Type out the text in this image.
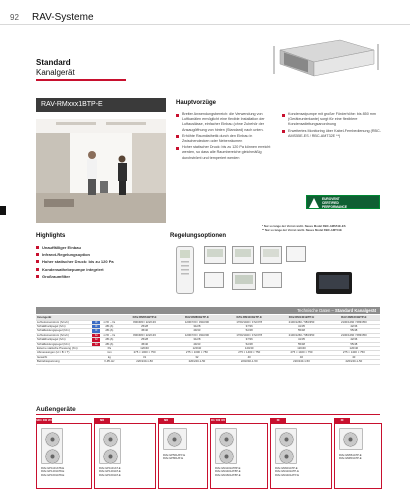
92 RAV-Systeme
Standard
Kanalgerät
RAV-RMxxx1BTP-E	Hauptvorzüge
Breiter Anwendungsbereich: die Verwendung von Luftkanälen ermöglicht eine flexible Installation der Luftauslässe, einfacher Einbau (ohne Zubehör der Ansaugöffnung von hinten (Standard) nach unten.
Erhöhte Raumästhetik durch den Einbau in Zwischendecken oder Nebenräumen
Hoher statischer Druck: bis zu 120 Pa können erreicht werden, so dass alle Raumbereiche gleichmäßig durchströmt und temperiert werden
Kondensatpumpe mit großer Förderhöhe: bis 850 mm (Geräteunterkante) sorgt für eine flexiblere Kondensatleitungsanordnung
Erweitertes Monitoring über Kabel-Fernbedienung (RBC-AMS55E-ES / RBC-AMT32E **)
EUROVENT
CERTIFIED
PERFORMANCE
* Nur so lange der Vorrat reicht. Neues Model RBC-AMS51E-ES
** Nur so lange der Vorrat reicht. Neues Model RBC-AMT41E
Highlights
Unauffälliger Einbau
Infrarot-Regelungsoption
Hoher statischer Druck: bis zu 120 Pa
Kondensathebepumpe integriert
Großraumfilter
Regelungsoptionen
Technische Daten – Standard Kanalgerät
Innengerät			RAV-RM561BTP-E	RAV-RM801BTP-E	RAV-RM1101BTP-E	RAV-RM1401BTP-E	RAV-RM1601BTP-E
Luftvolumenstrom (h/m/n)	C	m³/h – l/s	800/480 / 222/133	1200/720 / 333/200	1700/1020 / 472/278	2100/1260 / 583/350	2100/1260 / 583/350
Schalldruckpegel (h/m)	C	dB (A)	25/28	34/28	37/36	41/35	42/36
Schallleistungspegel (h/m)	C	dB (A)	45/40	49/43	52/48	55/48	55/48
Luftvolumenstrom (h/m/n)	H	m³/h – l/s	800/480 / 222/133	1200/720 / 333/200	1700/1020 / 472/278	2100/1260 / 583/350	2100/1260 / 583/350
Schalldruckpegel (h/m)	H	dB (A)	25/28	34/28	37/36	41/35	42/36
Schallleistungspegel (h/m)	H	dB (A)	45/40	49/43	52/48	55/48	55/48
Externe statische Pressung (h/n)		Pa	120/40	120/40	120/40	120/40	120/40
Abmessungen (H × B × T)		mm	275 × 1000 × 750	275 × 1000 × 750	275 × 1400 × 750	275 × 1400 × 750	275 × 1400 × 750
Gewicht		kg	31	32	40	40	40
Betriebsspannung		V-Ph-Hz	220/240-1-50	220/240-1-50	220/240-1-50	220/240-1-50	220/240-1-50
Außengeräte
SDI / 400 V/3
RAV-GP1101AT8-E
RAV-GP1401AT8-E
RAV-GP1601AT8-E
SDI
RAV-GP1101AT-E
RAV-GP1401AT-E
RAV-GP1601AT-E
SDI
RAV-GP561ATP-E
RAV-GP801AT-E
DI / 400 V/3
RAV-GM1101AT8P-E
RAV-GM1401AT8P-E
RAV-GM1601AT8P-E
DI
RAV-GM901ATP-E
RAV-GM1101ATP-E
RAV-GM1401ATP-E
DI
RAV-GM561ATP-E
RAV-GM801ATP-E
